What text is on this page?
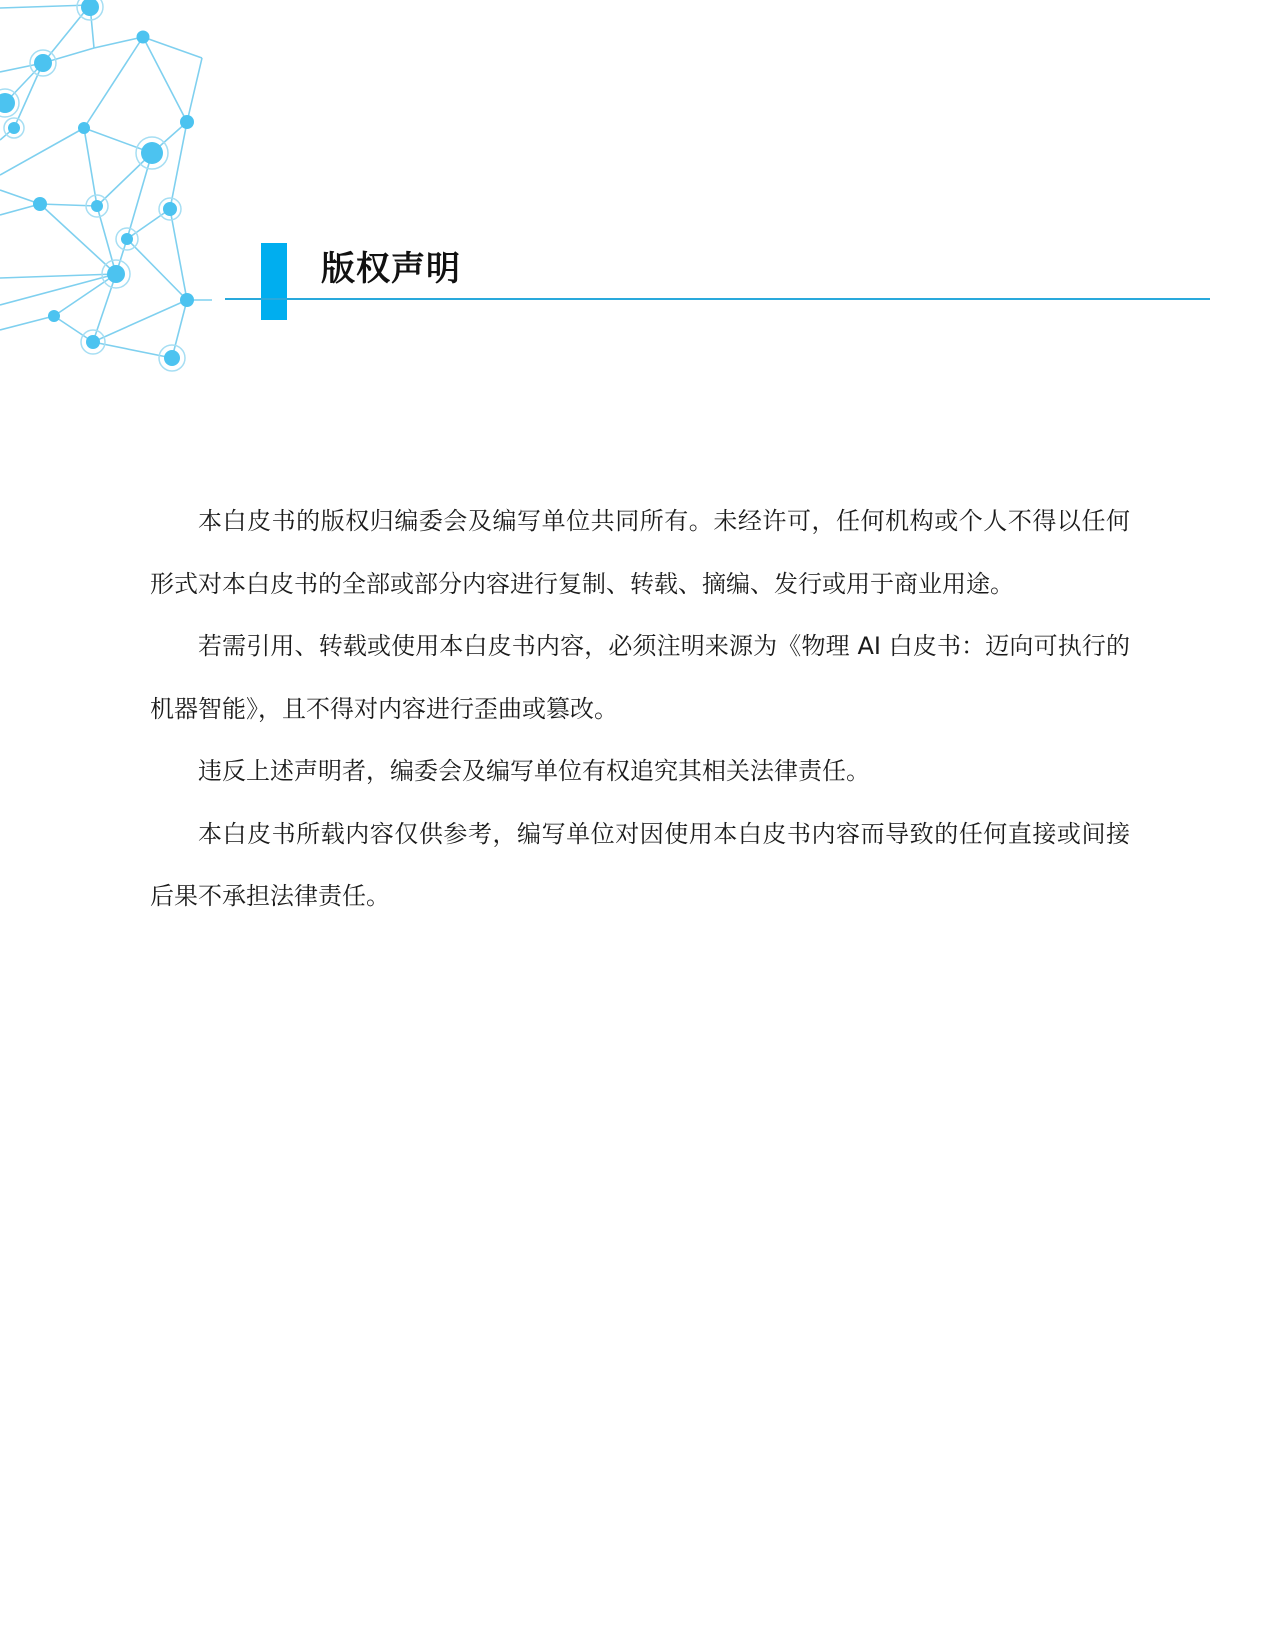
版权声明

本白皮书的版权归编委会及编写单位共同所有。未经许可，任何机构或个人不得以任何形式对本白皮书的全部或部分内容进行复制、转载、摘编、发行或用于商业用途。

若需引用、转载或使用本白皮书内容，必须注明来源为《物理 AI 白皮书：迈向可执行的机器智能》，且不得对内容进行歪曲或篡改。

违反上述声明者，编委会及编写单位有权追究其相关法律责任。

本白皮书所载内容仅供参考，编写单位对因使用本白皮书内容而导致的任何直接或间接后果不承担法律责任。
